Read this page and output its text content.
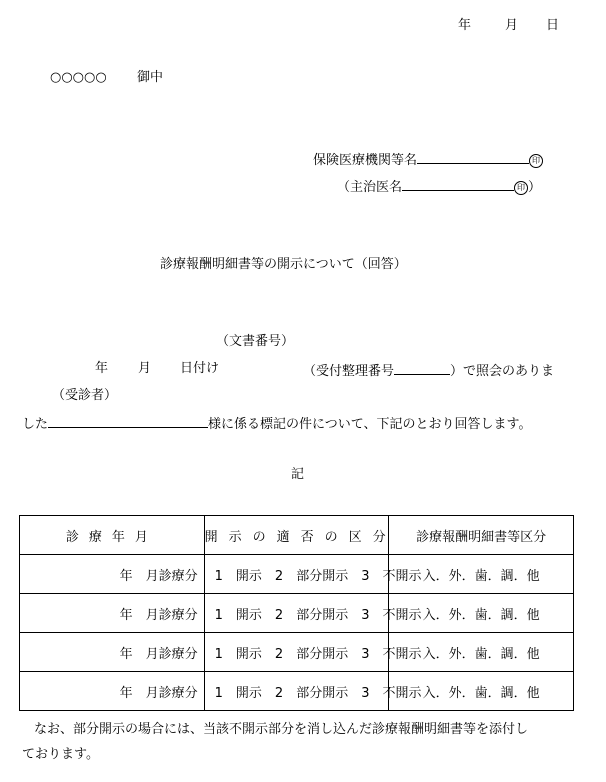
年	月 日
○○○○○ 御中
保険医療機関等名	印
（主治医名	印 ）
診療報酬明細書等の開示について（回答）
（文書番号）
年 月 日付け	（受付整理番号	）で照会のありま
（受診者）
した	様に係る標記の件について、下記のとおり回答します。
記
診療年月	開示の適否の区分	診療報酬明細書等区分
年　月診療分	1　開示　2　部分開示　3　不開示	入．外．歯．調．他
年　月診療分	1　開示　2　部分開示　3　不開示	入．外．歯．調．他
年　月診療分	1　開示　2　部分開示　3　不開示	入．外．歯．調．他
年　月診療分	1　開示　2　部分開示　3　不開示	入．外．歯．調．他
なお、部分開示の場合には、当該不開示部分を消し込んだ診療報酬明細書等を添付し
ております。
